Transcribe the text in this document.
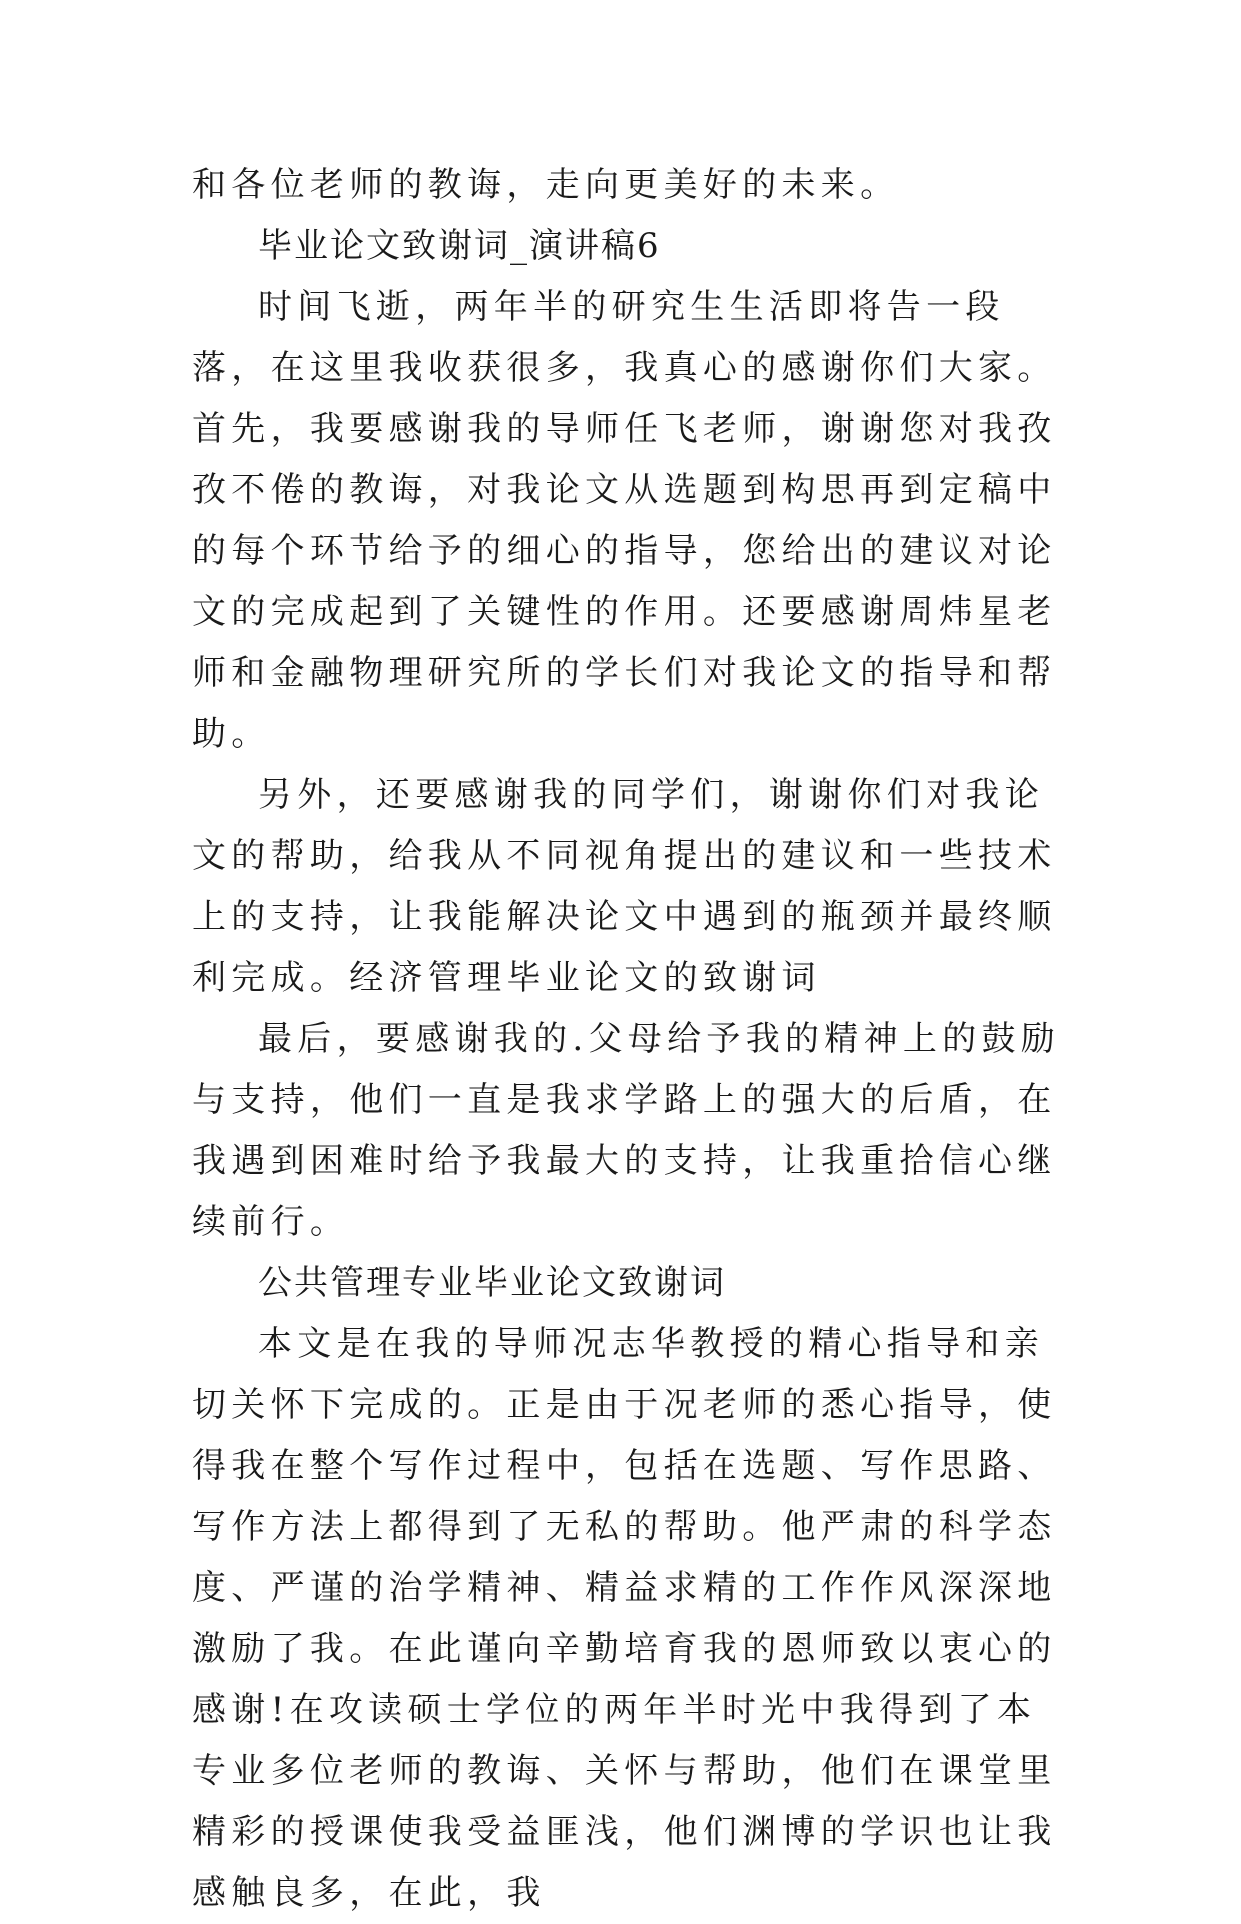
和各位老师的教诲，走向更美好的未来。

毕业论文致谢词_演讲稿6

时间飞逝，两年半的研究生生活即将告一段落，在这里我收获很多，我真心的感谢你们大家。首先，我要感谢我的导师任飞老师，谢谢您对我孜孜不倦的教诲，对我论文从选题到构思再到定稿中的每个环节给予的细心的指导，您给出的建议对论文的完成起到了关键性的作用。还要感谢周炜星老师和金融物理研究所的学长们对我论文的指导和帮助。

另外，还要感谢我的同学们，谢谢你们对我论文的帮助，给我从不同视角提出的建议和一些技术上的支持，让我能解决论文中遇到的瓶颈并最终顺利完成。经济管理毕业论文的致谢词

最后，要感谢我的.父母给予我的精神上的鼓励与支持，他们一直是我求学路上的强大的后盾，在我遇到困难时给予我最大的支持，让我重拾信心继续前行。

公共管理专业毕业论文致谢词

本文是在我的导师况志华教授的精心指导和亲切关怀下完成的。正是由于况老师的悉心指导，使得我在整个写作过程中，包括在选题、写作思路、写作方法上都得到了无私的帮助。他严肃的科学态度、严谨的治学精神、精益求精的工作作风深深地激励了我。在此谨向辛勤培育我的恩师致以衷心的感谢!在攻读硕士学位的两年半时光中我得到了本专业多位老师的教诲、关怀与帮助，他们在课堂里精彩的授课使我受益匪浅，他们渊博的学识也让我感触良多，在此，我
